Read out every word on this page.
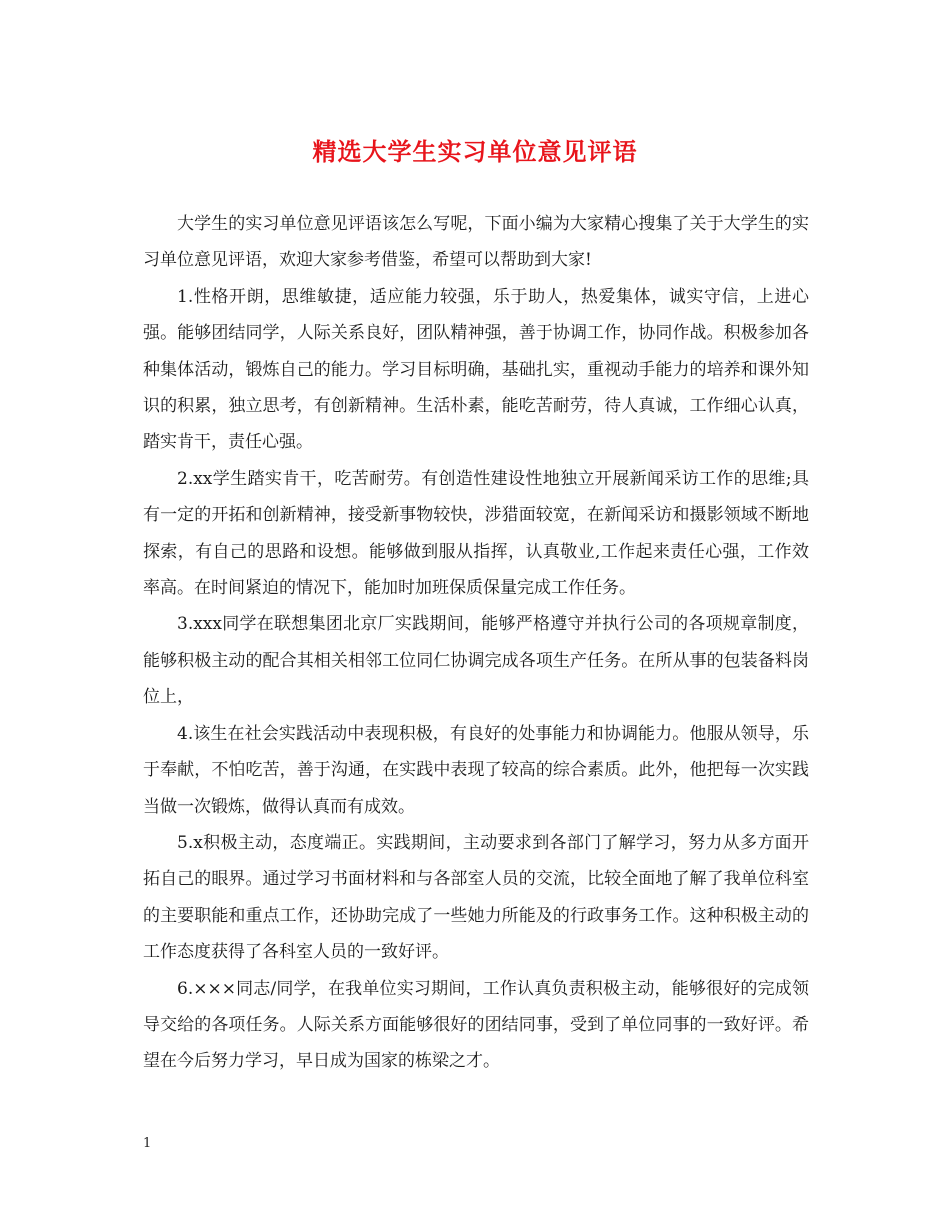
精选大学生实习单位意见评语

大学生的实习单位意见评语该怎么写呢，下面小编为大家精心搜集了关于大学生的实习单位意见评语，欢迎大家参考借鉴，希望可以帮助到大家!

1.性格开朗，思维敏捷，适应能力较强，乐于助人，热爱集体，诚实守信，上进心强。能够团结同学，人际关系良好，团队精神强，善于协调工作，协同作战。积极参加各种集体活动，锻炼自己的能力。学习目标明确，基础扎实，重视动手能力的培养和课外知识的积累，独立思考，有创新精神。生活朴素，能吃苦耐劳，待人真诚，工作细心认真，踏实肯干，责任心强。

2.xx学生踏实肯干，吃苦耐劳。有创造性建设性地独立开展新闻采访工作的思维;具有一定的开拓和创新精神，接受新事物较快，涉猎面较宽，在新闻采访和摄影领域不断地探索，有自己的思路和设想。能够做到服从指挥，认真敬业,工作起来责任心强，工作效率高。在时间紧迫的情况下，能加时加班保质保量完成工作任务。

3.xxx同学在联想集团北京厂实践期间，能够严格遵守并执行公司的各项规章制度，能够积极主动的配合其相关相邻工位同仁协调完成各项生产任务。在所从事的包装备料岗位上，

4.该生在社会实践活动中表现积极，有良好的处事能力和协调能力。他服从领导，乐于奉献，不怕吃苦，善于沟通，在实践中表现了较高的综合素质。此外，他把每一次实践当做一次锻炼，做得认真而有成效。

5.x积极主动，态度端正。实践期间，主动要求到各部门了解学习，努力从多方面开拓自己的眼界。通过学习书面材料和与各部室人员的交流，比较全面地了解了我单位科室的主要职能和重点工作，还协助完成了一些她力所能及的行政事务工作。这种积极主动的工作态度获得了各科室人员的一致好评。

6.×××同志/同学，在我单位实习期间，工作认真负责积极主动，能够很好的完成领导交给的各项任务。人际关系方面能够很好的团结同事，受到了单位同事的一致好评。希望在今后努力学习，早日成为国家的栋梁之才。

1
